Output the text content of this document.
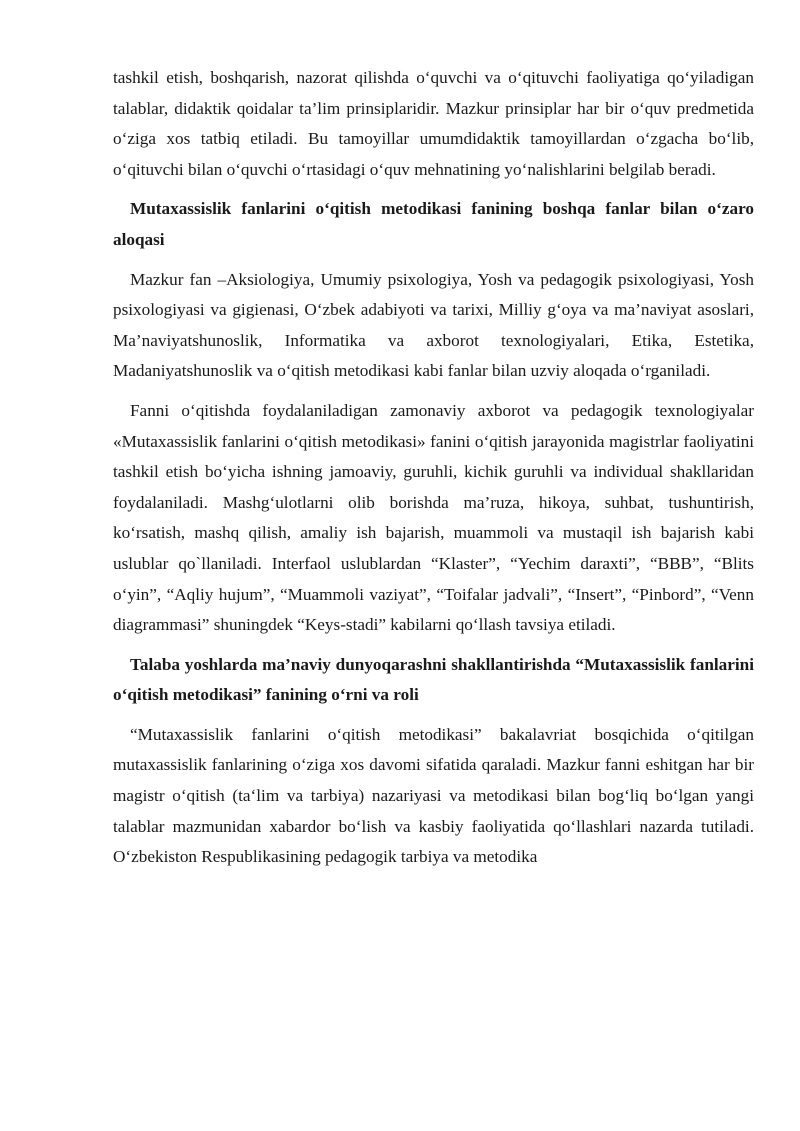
tashkil etish, boshqarish, nazorat qilishda o‘quvchi va o‘qituvchi faoliyatiga qo‘yiladigan talablar, didaktik qoidalar ta’lim prinsiplaridir. Mazkur prinsiplar har bir o‘quv predmetida o‘ziga xos tatbiq etiladi. Bu tamoyillar umumdidaktik tamoyillardan o‘zgacha bo‘lib, o‘qituvchi bilan o‘quvchi o‘rtasidagi o‘quv mehnatining yo‘nalishlarini belgilab beradi.

Mutaxassislik fanlarini o‘qitish metodikasi fanining boshqa fanlar bilan o‘zaro aloqasi

Mazkur fan –Aksiologiya, Umumiy psixologiya, Yosh va pedagogik psixologiyasi, Yosh psixologiyasi va gigienasi, O‘zbek adabiyoti va tarixi, Milliy g‘oya va ma’naviyat asoslari, Ma’naviyatshunoslik, Informatika va axborot texnologiyalari, Etika, Estetika, Madaniyatshunoslik va o‘qitish metodikasi kabi fanlar bilan uzviy aloqada o‘rganiladi.

Fanni o‘qitishda foydalaniladigan zamonaviy axborot va pedagogik texnologiyalar «Mutaxassislik fanlarini o‘qitish metodikasi» fanini o‘qitish jarayonida magistrlar faoliyatini tashkil etish bo‘yicha ishning jamoaviy, guruhli, kichik guruhli va individual shakllaridan foydalaniladi. Mashg‘ulotlarni olib borishda ma’ruza, hikoya, suhbat, tushuntirish, ko‘rsatish, mashq qilish, amaliy ish bajarish, muammoli va mustaqil ish bajarish kabi uslublar qo`llaniladi. Interfaol uslublardan “Klaster”, “Yechim daraxti”, “BBB”, “Blits o‘yin”, “Aqliy hujum”, “Muammoli vaziyat”, “Toifalar jadvali”, “Insert”, “Pinbord”, “Venn diagrammasi” shuningdek “Keys-stadi” kabilarni qo‘llash tavsiya etiladi.

Talaba yoshlarda ma’naviy dunyoqarashni shakllantirishda “Mutaxassislik fanlarini o‘qitish metodikasi” fanining o‘rni va roli

“Mutaxassislik fanlarini o‘qitish metodikasi” bakalavriat bosqichida o‘qitilgan mutaxassislik fanlarining o‘ziga xos davomi sifatida qaraladi. Mazkur fanni eshitgan har bir magistr o‘qitish (ta‘lim va tarbiya) nazariyasi va metodikasi bilan bog‘liq bo‘lgan yangi talablar mazmunidan xabardor bo‘lish va kasbiy faoliyatida qo‘llashlari nazarda tutiladi. O‘zbekiston Respublikasining pedagogik tarbiya va metodika
